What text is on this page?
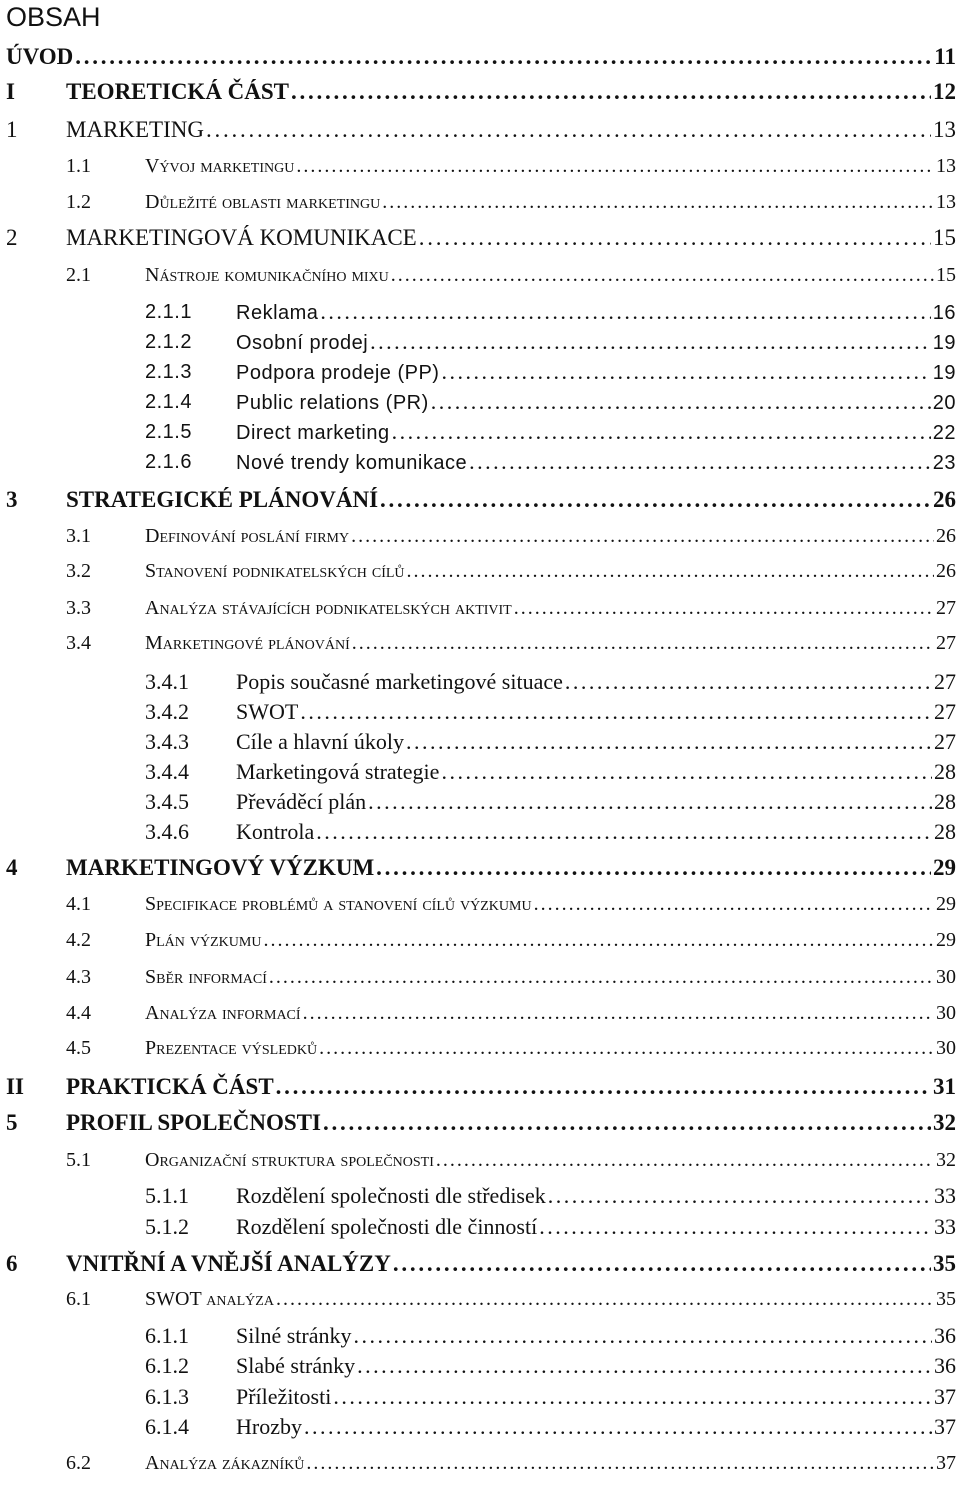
OBSAH
ÚVOD . . .	11
I TEORETICKÁ ČÁST . . .	12
1 MARKETING . . .	13
1.1	Vývoj marketingu . . .	13
1.2	Důležité oblasti marketingu . . .	13
2 MARKETINGOVÁ KOMUNIKACE . . .	15
2.1	Nástroje komunikačního mixu . . .	15
2.1.1 Reklama . . .	16
2.1.2 Osobní prodej . . .	19
2.1.3 Podpora prodeje (PP) . . .	19
2.1.4 Public relations (PR) . . .	20
2.1.5 Direct marketing . . .	22
2.1.6 Nové trendy komunikace . . .	23
3 STRATEGICKÉ PLÁNOVÁNÍ . . .	26
3.1	Definování poslání firmy . . .	26
3.2	Stanovení podnikatelských cílů . . .	26
3.3	Analýza stávajících podnikatelských aktivit . . .	27
3.4	Marketingové plánování . . .	27
3.4.1 Popis současné marketingové situace . . .	27
3.4.2 SWOT . . .	27
3.4.3 Cíle a hlavní úkoly . . .	27
3.4.4 Marketingová strategie . . .	28
3.4.5 Převáděcí plán . . .	28
3.4.6 Kontrola . . .	28
4 MARKETINGOVÝ VÝZKUM . . .	29
4.1	Specifikace problémů a stanovení cílů výzkumu . . .	29
4.2	Plán výzkumu . . .	29
4.3	Sběr informací . . .	30
4.4	Analýza informací . . .	30
4.5	Prezentace výsledků . . .	30
II PRAKTICKÁ ČÁST . . .	31
5 PROFIL SPOLEČNOSTI . . .	32
5.1	Organizační struktura společnosti . . .	32
5.1.1 Rozdělení společnosti dle středisek . . .	33
5.1.2 Rozdělení společnosti dle činností . . .	33
6 VNITŘNÍ A VNĚJŠÍ ANALÝZY . . .	35
6.1	SWOT analýza . . .	35
6.1.1 Silné stránky . . .	36
6.1.2 Slabé stránky . . .	36
6.1.3 Příležitosti . . .	37
6.1.4 Hrozby . . .	37
6.2	Analýza zákazníků . . .	37
